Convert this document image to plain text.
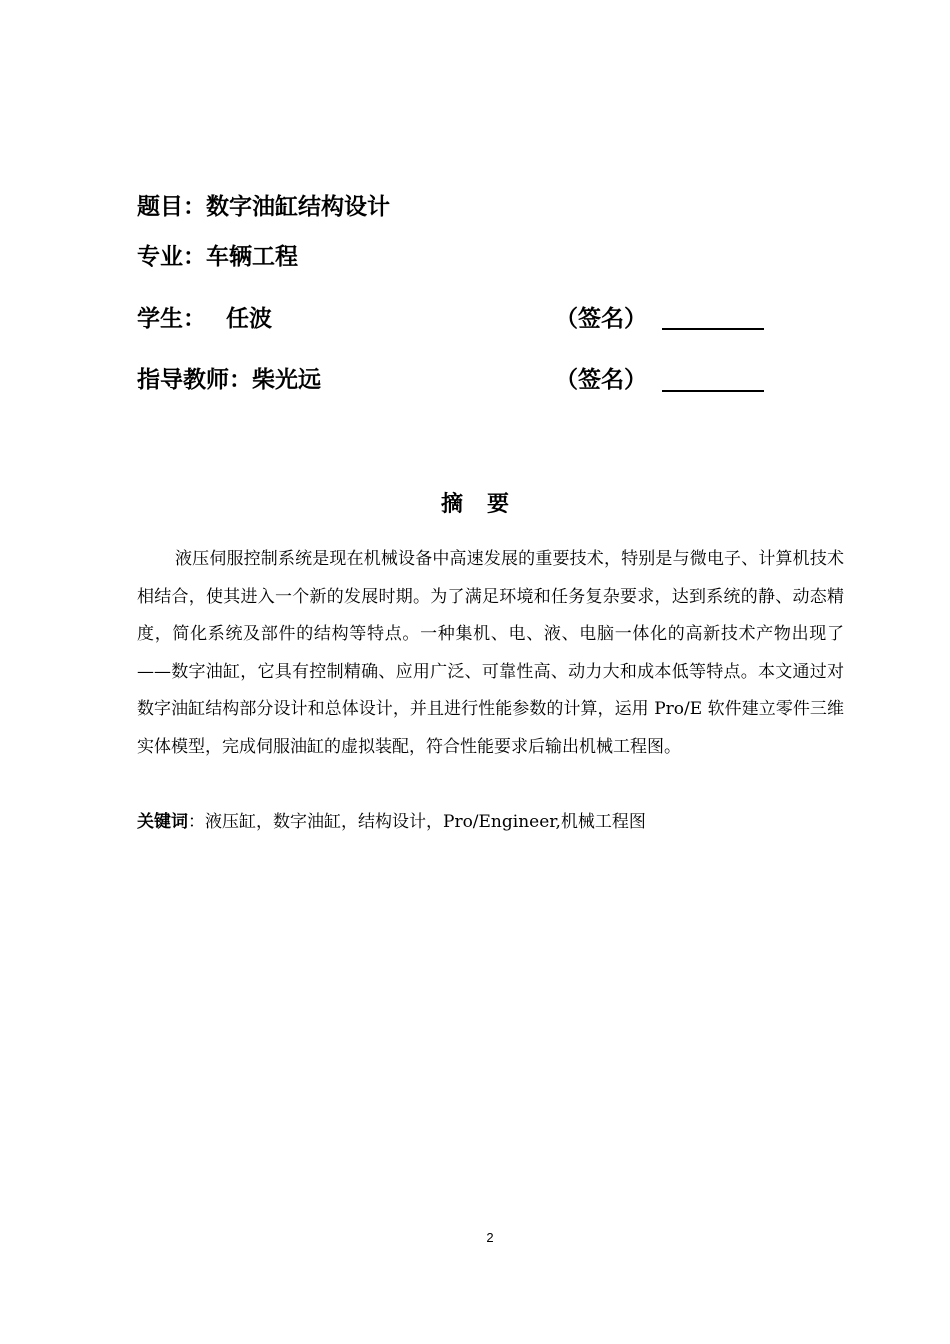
题目：数字油缸结构设计
专业：车辆工程
学生： 任波	（签名）
指导教师：柴光远	（签名）
摘要

液压伺服控制系统是现在机械设备中高速发展的重要技术，特别是与微电子、计算机技术相结合，使其进入一个新的发展时期。为了满足环境和任务复杂要求，达到系统的静、动态精度，简化系统及部件的结构等特点。一种集机、电、液、电脑一体化的高新技术产物出现了——数字油缸，它具有控制精确、应用广泛、可靠性高、动力大和成本低等特点。本文通过对数字油缸结构部分设计和总体设计，并且进行性能参数的计算，运用 Pro/E 软件建立零件三维实体模型，完成伺服油缸的虚拟装配，符合性能要求后输出机械工程图。

关键词：液压缸，数字油缸，结构设计，Pro/Engineer,机械工程图
2
